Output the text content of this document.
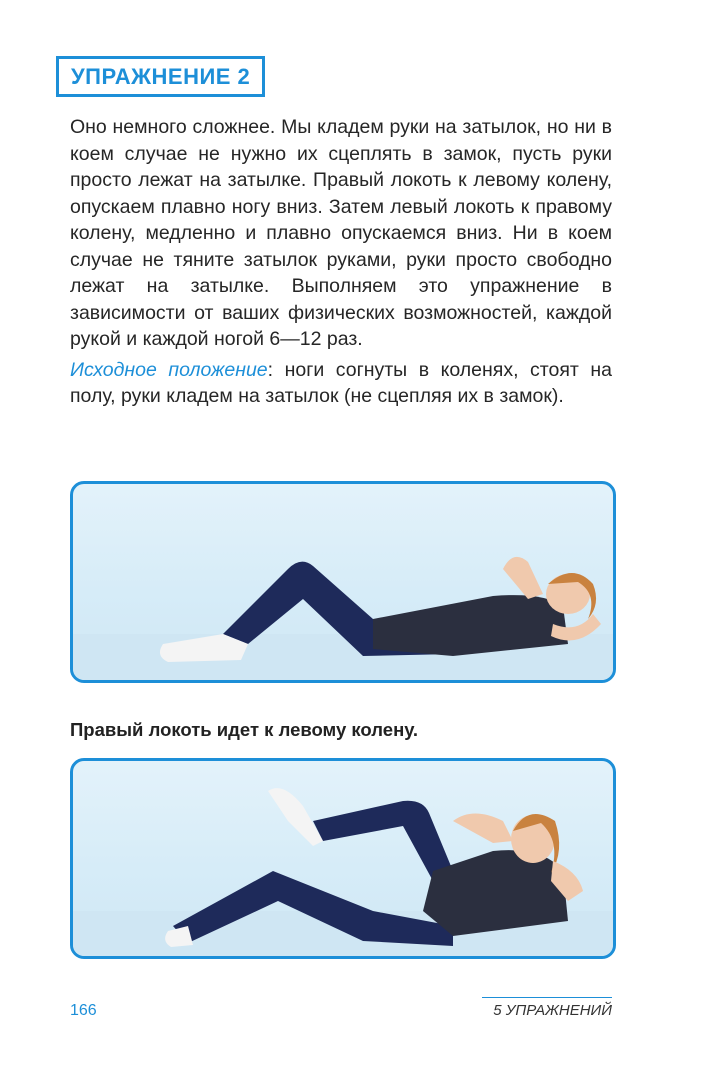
УПРАЖНЕНИЕ 2

Оно немного сложнее. Мы кладем руки на затылок, но ни в коем случае не нужно их сцеплять в замок, пусть руки просто лежат на затылке. Правый локоть к левому колену, опускаем плавно ногу вниз. Затем левый локоть к правому колену, медленно и плавно опускаемся вниз. Ни в коем случае не тяните затылок руками, руки просто свободно лежат на затылке. Выполняем это упражнение в зависимости от ваших физических возможностей, каждой рукой и каждой ногой 6—12 раз.

Исходное положение: ноги согнуты в коленях, стоят на полу, руки кладем на затылок (не сцепляя их в замок).

Правый локоть идет к левому колену.
166	5 УПРАЖНЕНИЙ
